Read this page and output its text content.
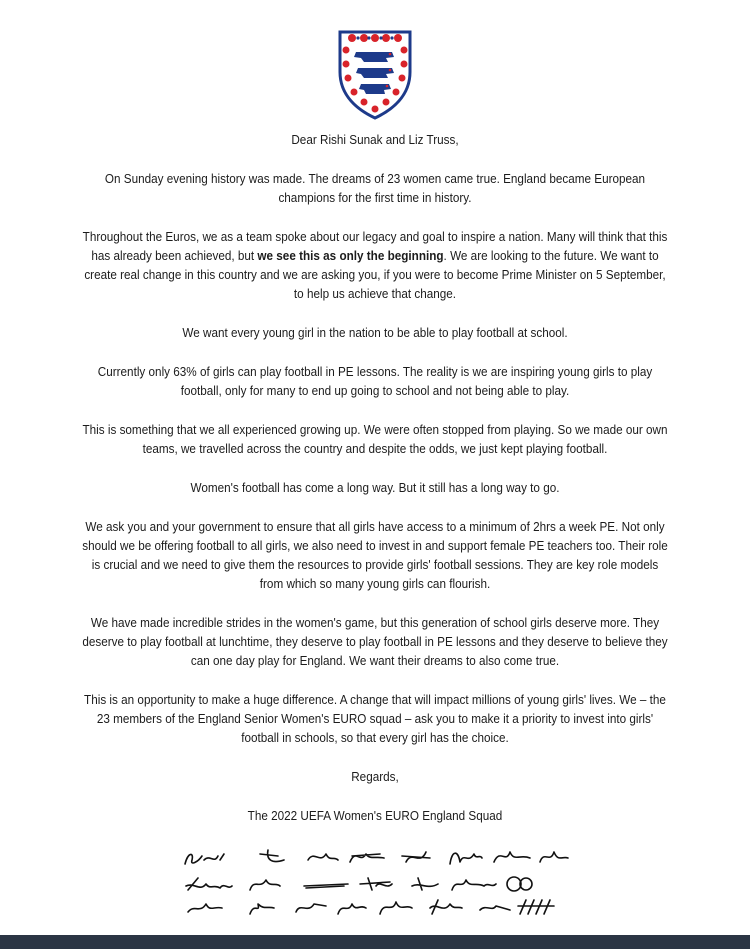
Dear Rishi Sunak and Liz Truss,

On Sunday evening history was made. The dreams of 23 women came true. England became European champions for the first time in history.

Throughout the Euros, we as a team spoke about our legacy and goal to inspire a nation. Many will think that this has already been achieved, but we see this as only the beginning. We are looking to the future. We want to create real change in this country and we are asking you, if you were to become Prime Minister on 5 September, to help us achieve that change.

We want every young girl in the nation to be able to play football at school.

Currently only 63% of girls can play football in PE lessons. The reality is we are inspiring young girls to play football, only for many to end up going to school and not being able to play.

This is something that we all experienced growing up. We were often stopped from playing. So we made our own teams, we travelled across the country and despite the odds, we just kept playing football.

Women's football has come a long way. But it still has a long way to go.

We ask you and your government to ensure that all girls have access to a minimum of 2hrs a week PE. Not only should we be offering football to all girls, we also need to invest in and support female PE teachers too. Their role is crucial and we need to give them the resources to provide girls' football sessions. They are key role models from which so many young girls can flourish.

We have made incredible strides in the women's game, but this generation of school girls deserve more. They deserve to play football at lunchtime, they deserve to play football in PE lessons and they deserve to believe they can one day play for England. We want their dreams to also come true.

This is an opportunity to make a huge difference. A change that will impact millions of young girls' lives. We – the 23 members of the England Senior Women's EURO squad – ask you to make it a priority to invest into girls' football in schools, so that every girl has the choice.

Regards,

The 2022 UEFA Women's EURO England Squad
